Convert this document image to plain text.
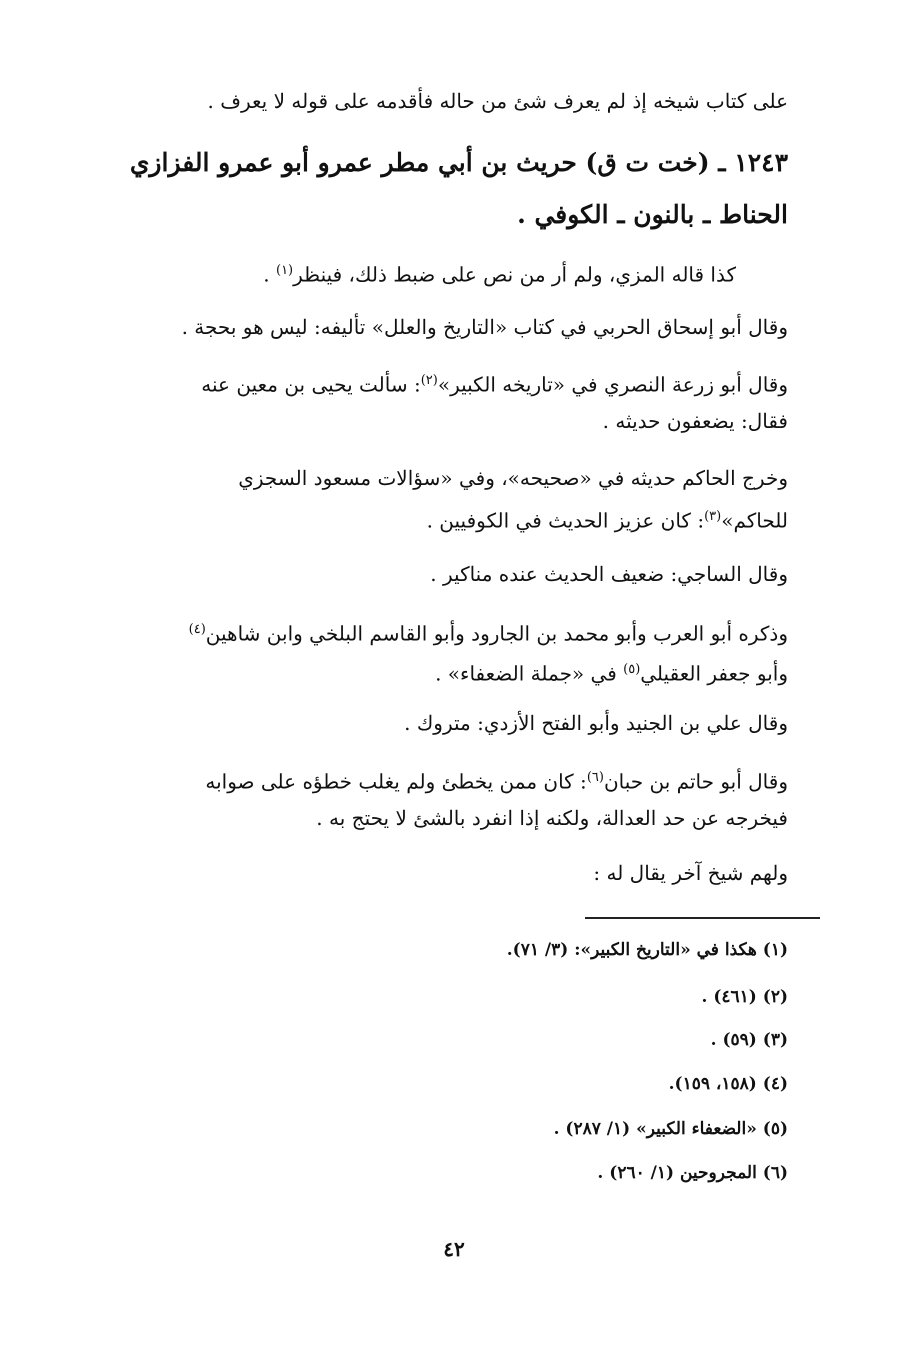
على كتاب شيخه إذ لم يعرف شئ من حاله فأقدمه على قوله لا يعرف .
١٢٤٣ ـ (خت ت ق) حريث بن أبي مطر عمرو أبو عمرو الفزازي
الحناط ـ بالنون ـ الكوفي .
كذا قاله المزي، ولم أر من نص على ضبط ذلك، فينظر$^{(١)}$ .
وقال أبو إسحاق الحربي في كتاب «التاريخ والعلل» تأليفه: ليس هو بحجة .
وقال أبو زرعة النصري في «تاريخه الكبير»$^{(٢)}$: سألت يحيى بن معين عنه
فقال: يضعفون حديثه .
وخرج الحاكم حديثه في «صحيحه»، وفي «سؤالات مسعود السجزي
للحاكم»$^{(٣)}$: كان عزيز الحديث في الكوفيين .
وقال الساجي: ضعيف الحديث عنده مناكير .
وذكره أبو العرب وأبو محمد بن الجارود وأبو القاسم البلخي وابن شاهين$^{(٤)}$
وأبو جعفر العقيلي$^{(٥)}$ في «جملة الضعفاء» .
وقال علي بن الجنيد وأبو الفتح الأزدي: متروك .
وقال أبو حاتم بن حبان$^{(٦)}$: كان ممن يخطئ ولم يغلب خطؤه على صوابه
فيخرجه عن حد العدالة، ولكنه إذا انفرد بالشئ لا يحتج به .
ولهم شيخ آخر يقال له :
(١) هكذا في «التاريخ الكبير»: (٣/ ٧١).
(٢) (٤٦١) .
(٣) (٥٩) .
(٤) (١٥٨، ١٥٩).
(٥) «الضعفاء الكبير» (١/ ٢٨٧) .
(٦) المجروحين (١/ ٢٦٠) .
٤٢
